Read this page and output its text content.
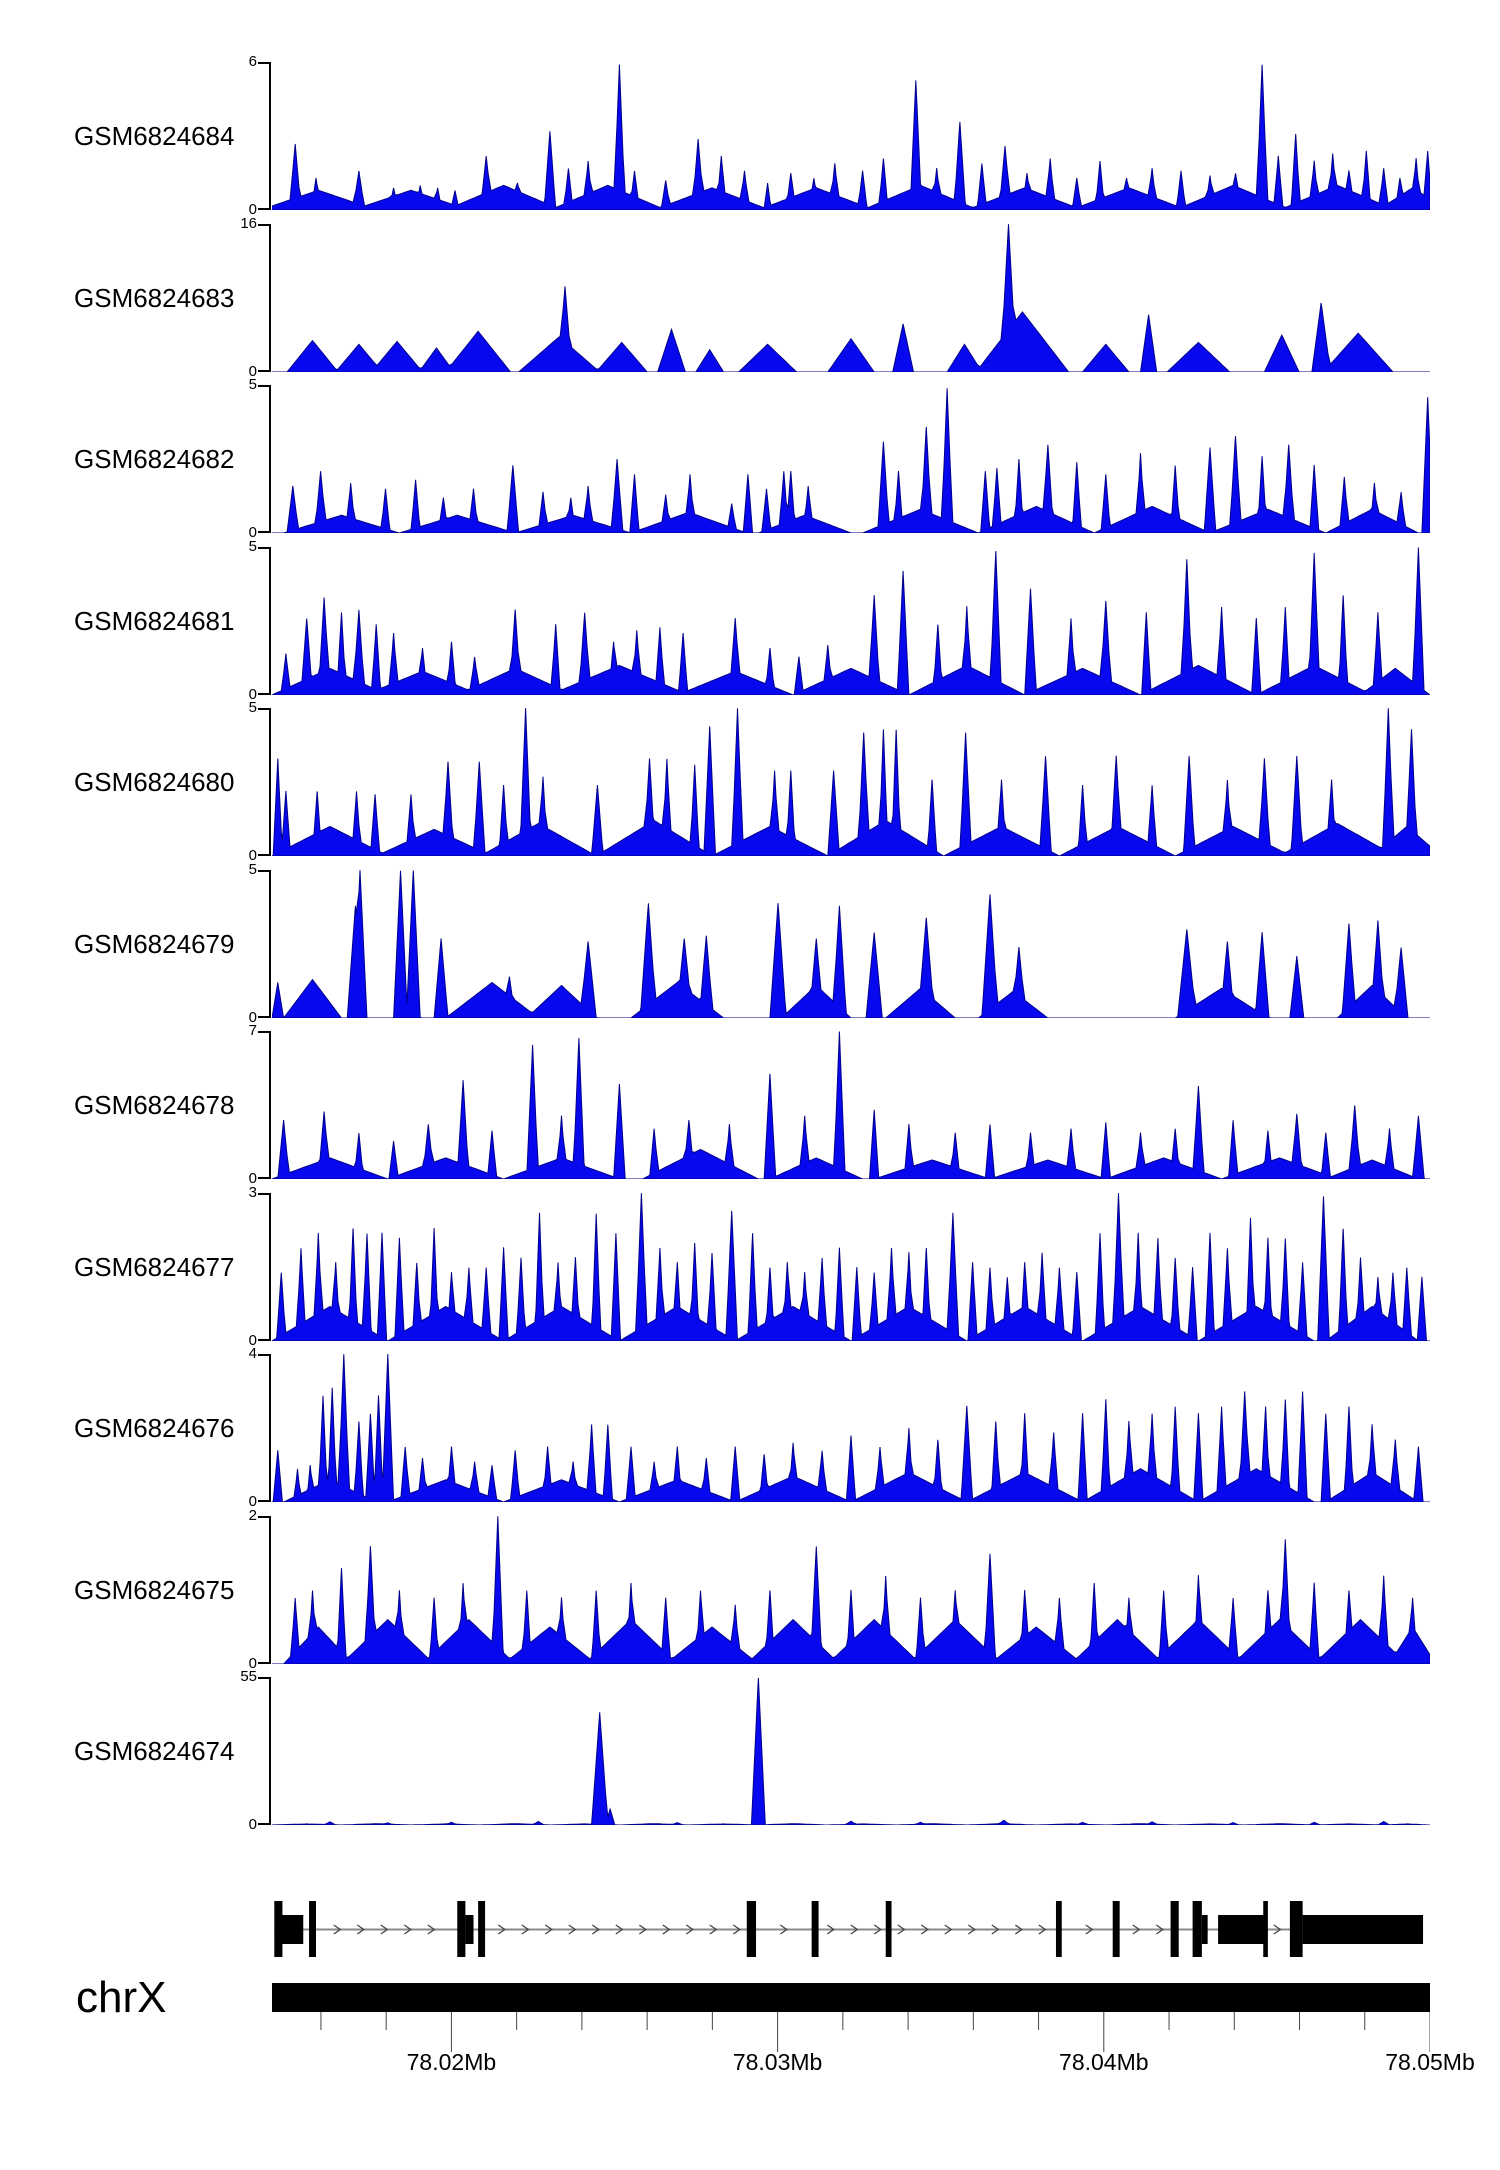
GSM6824684
6
0
GSM6824683
16
0
GSM6824682
5
0
GSM6824681
5
0
GSM6824680
5
0
GSM6824679
5
0
GSM6824678
7
0
GSM6824677
3
0
GSM6824676
4
0
GSM6824675
2
0
GSM6824674
55
0
chrX
78.02Mb	78.03Mb	78.04Mb	78.05Mb
